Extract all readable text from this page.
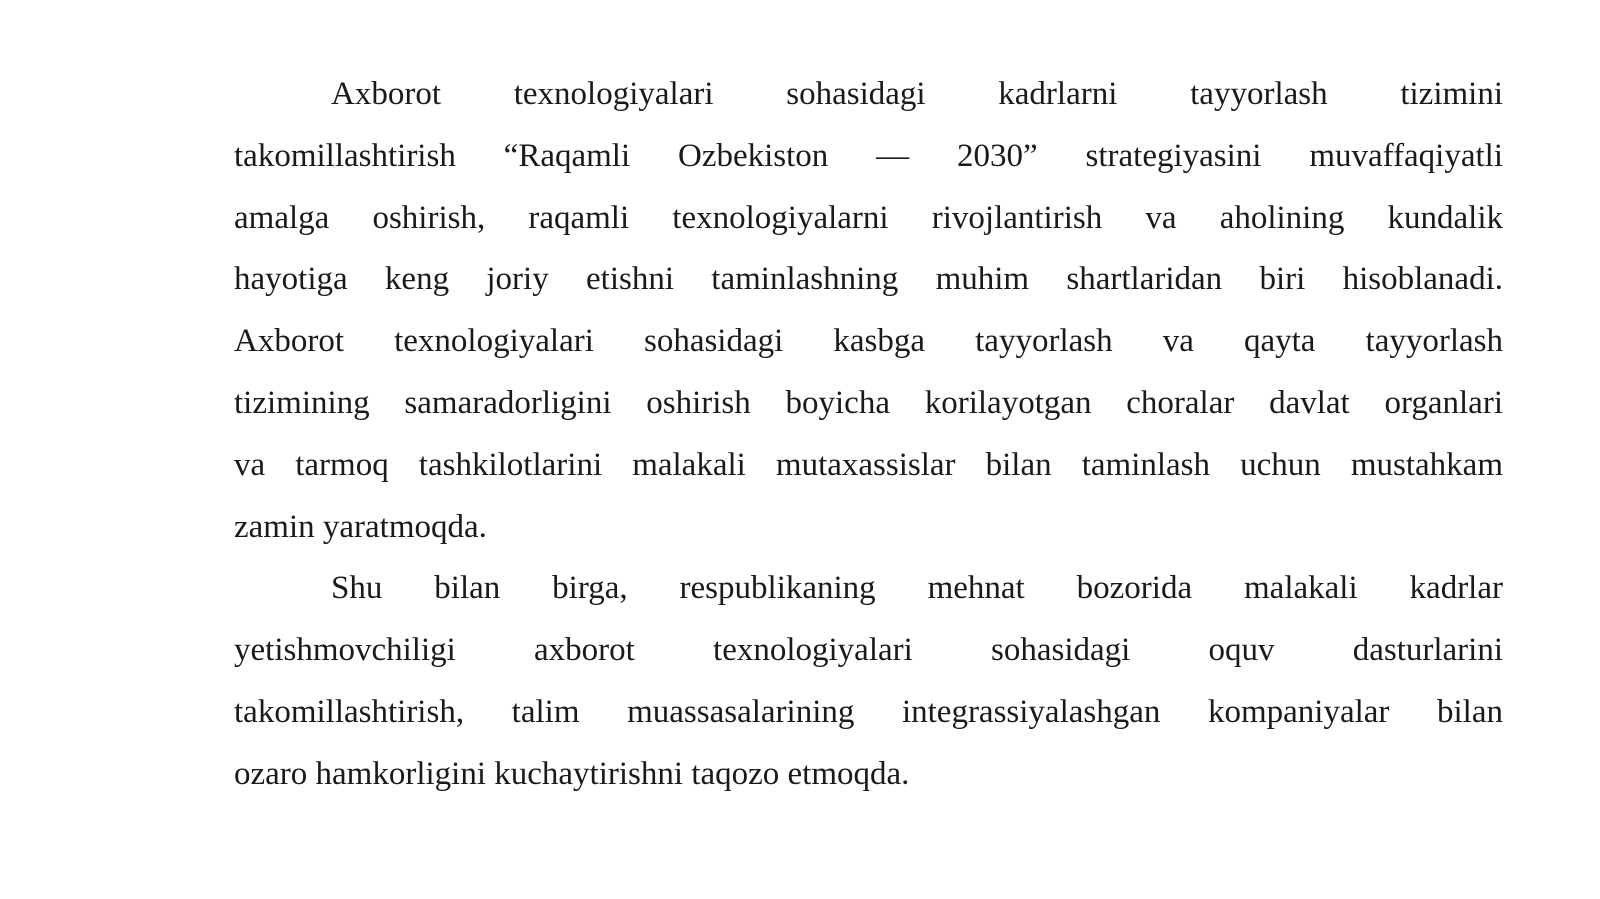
Axborot texnologiyalari sohasidagi kadrlarni tayyorlash tizimini
takomillashtirish “Raqamli Ozbekiston — 2030” strategiyasini muvaffaqiyatli
amalga oshirish, raqamli texnologiyalarni rivojlantirish va aholining kundalik
hayotiga keng joriy etishni taminlashning muhim shartlaridan biri hisoblanadi.
Axborot texnologiyalari sohasidagi kasbga tayyorlash va qayta tayyorlash
tizimining samaradorligini oshirish boyicha korilayotgan choralar davlat organlari
va tarmoq tashkilotlarini malakali mutaxassislar bilan taminlash uchun mustahkam
zamin yaratmoqda.
Shu bilan birga, respublikaning mehnat bozorida malakali kadrlar
yetishmovchiligi axborot texnologiyalari sohasidagi oquv dasturlarini
takomillashtirish, talim muassasalarining integrassiyalashgan kompaniyalar bilan
ozaro hamkorligini kuchaytirishni taqozo etmoqda.
